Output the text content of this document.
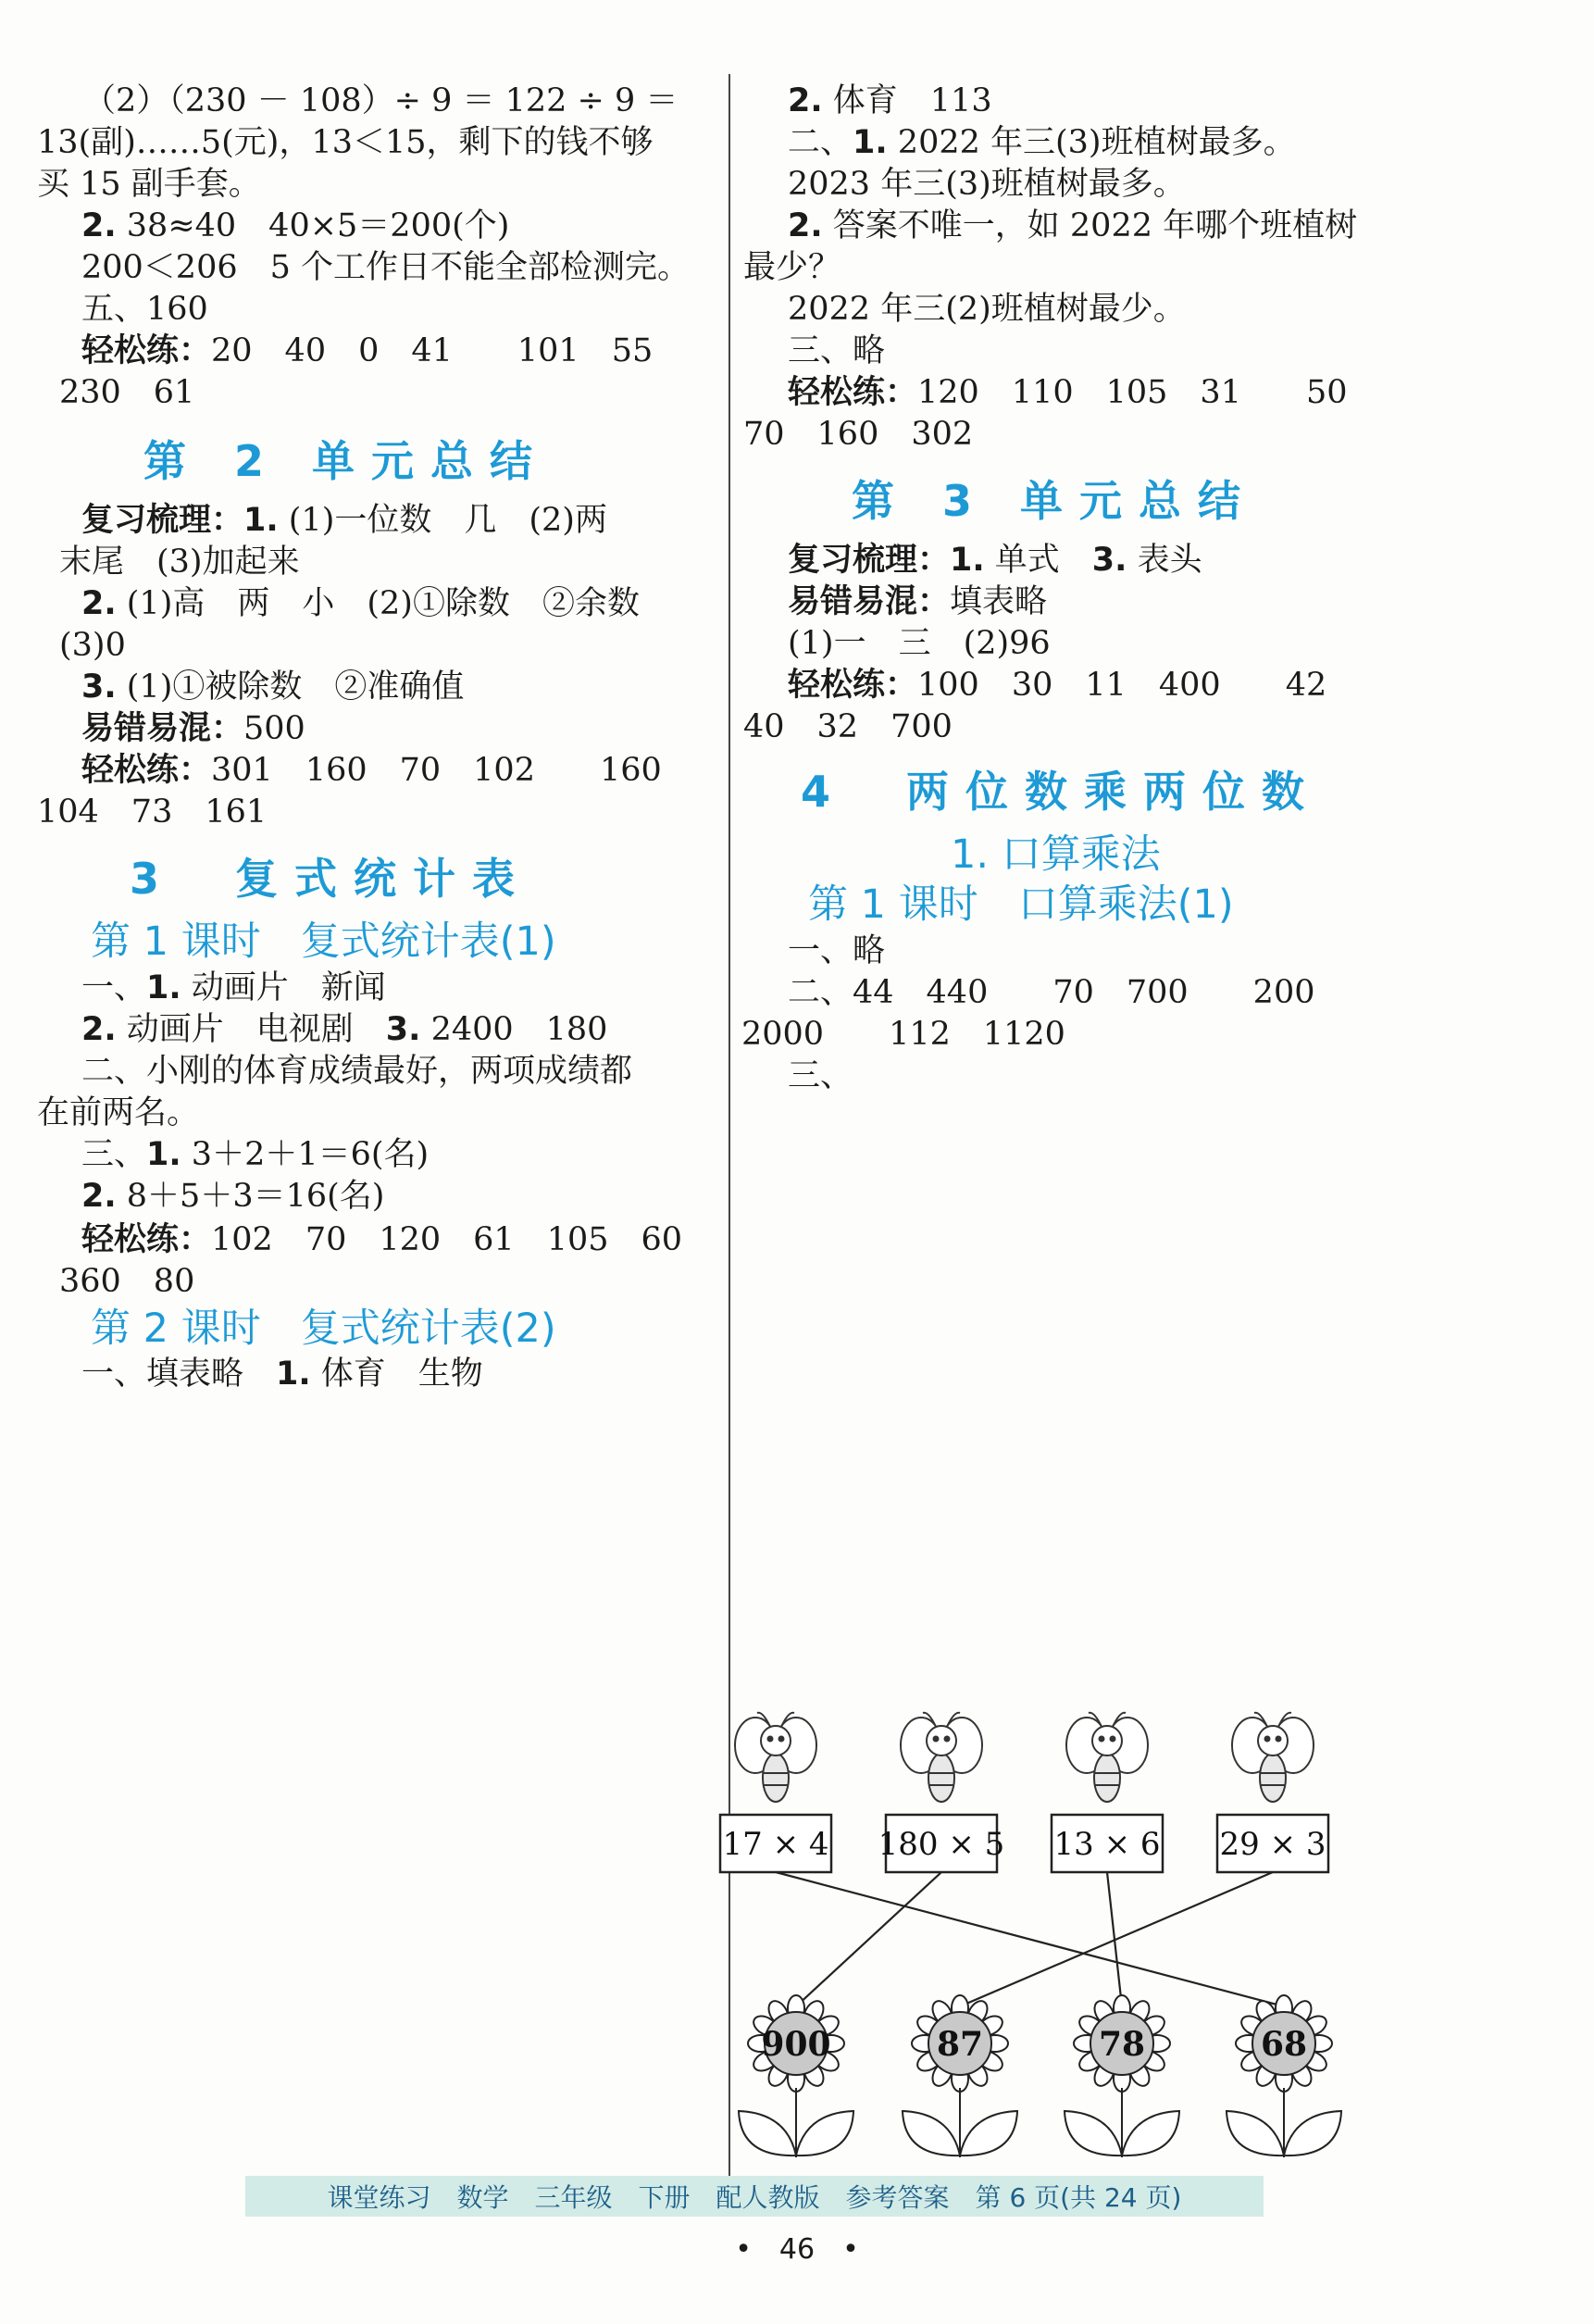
（2）（230 － 108）÷ 9 ＝ 122 ÷ 9 ＝
13(副)……5(元)，13＜15，剩下的钱不够
买 15 副手套。
2. 38≈40　40×5＝200(个)
200＜206　5 个工作日不能全部检测完。
五、160
轻松练：20　40　0　41　　101　55
230　61
第 2 单元总结
复习梳理：1. (1)一位数　几　(2)两
末尾　(3)加起来
2. (1)高　两　小　(2)①除数　②余数
(3)0
3. (1)①被除数　②准确值
易错易混：500
轻松练：301　160　70　102　　160
104　73　161
3　复式统计表
第 1 课时　复式统计表(1)
一、1. 动画片　新闻
2. 动画片　电视剧　3. 2400　180
二、小刚的体育成绩最好，两项成绩都
在前两名。
三、1. 3＋2＋1＝6(名)
2. 8＋5＋3＝16(名)
轻松练：102　70　120　61　105　60
360　80
第 2 课时　复式统计表(2)
一、填表略　1. 体育　生物
2. 体育　113
二、1. 2022 年三(3)班植树最多。
2023 年三(3)班植树最多。
2. 答案不唯一，如 2022 年哪个班植树
最少？
2022 年三(2)班植树最少。
三、略
轻松练：120　110　105　31　　50
70　160　302
第 3 单元总结
复习梳理：1. 单式　3. 表头
易错易混：填表略
(1)一　三　(2)96
轻松练：100　30　11　400　　42
40　32　700
4　两位数乘两位数
1. 口算乘法
第 1 课时　口算乘法(1)
一、略
二、44　440　　70　700　　200
2000　　112　1120
三、
17 × 4 180 × 5 13 × 6 29 × 3
900	87	78	68
课堂练习　数学　三年级　下册　配人教版　参考答案　第 6 页(共 24 页)
•　46　•
